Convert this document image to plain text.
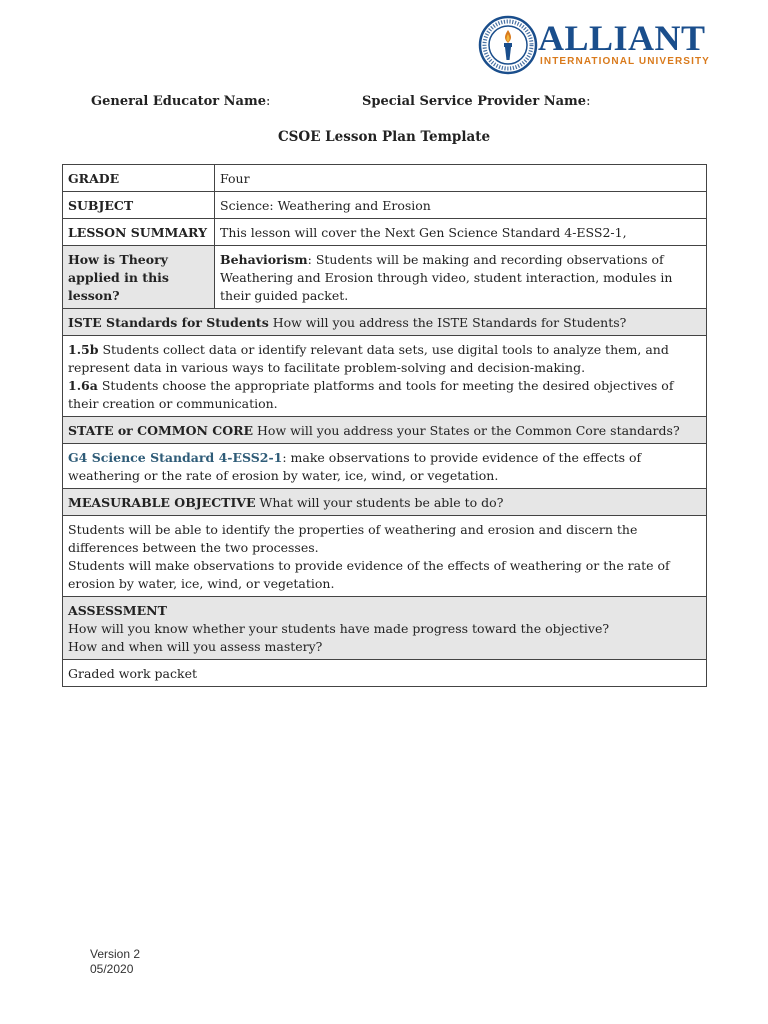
ALLIANT
INTERNATIONAL UNIVERSITY
General Educator Name:	Special Service Provider Name:
CSOE Lesson Plan Template
GRADE	Four
SUBJECT	Science: Weathering and Erosion
LESSON SUMMARY	This lesson will cover the Next Gen Science Standard 4-ESS2-1,
How is Theory applied in this lesson?	Behaviorism: Students will be making and recording observations of Weathering and Erosion through video, student interaction, modules in their guided packet.
ISTE Standards for Students How will you address the ISTE Standards for Students?	

1.5b Students collect data or identify relevant data sets, use digital tools to analyze them, and represent data in various ways to facilitate problem-solving and decision-making.
1.6a Students choose the appropriate platforms and tools for meeting the desired objectives of their creation or communication.	

STATE or COMMON CORE How will you address your States or the Common Core standards?	
G4 Science Standard 4-ESS2-1: make observations to provide evidence of the effects of weathering or the rate of erosion by water, ice, wind, or vegetation.	
MEASURABLE OBJECTIVE What will your students be able to do?	

Students will be able to identify the properties of weathering and erosion and discern the differences between the two processes.
Students will make observations to provide evidence of the effects of weathering or the rate of erosion by water, ice, wind, or vegetation.	

ASSESSMENT
How will you know whether your students have made progress toward the objective?
How and when will you assess mastery?	

Graded work packet	
Version 2
05/2020
